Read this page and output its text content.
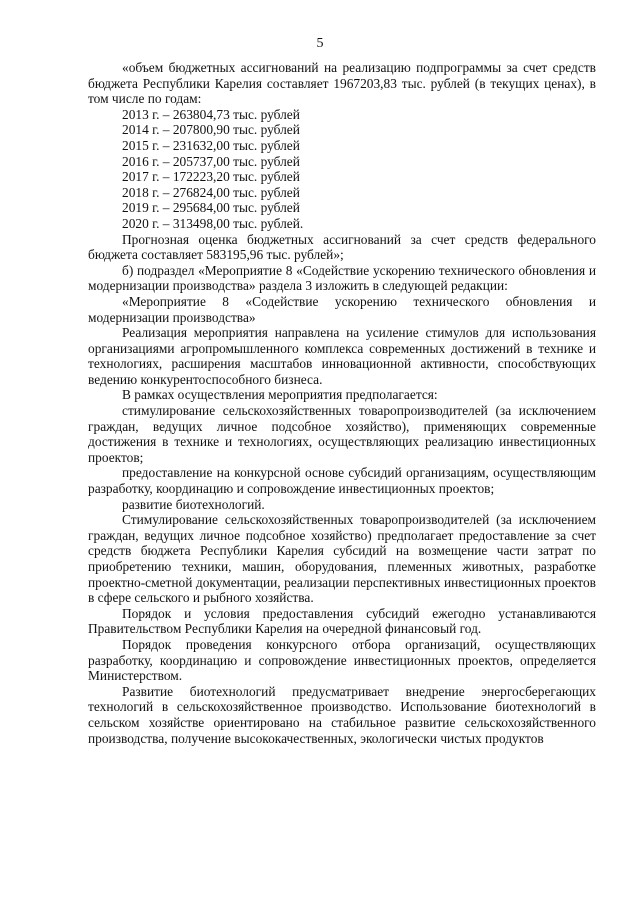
5

«объем бюджетных ассигнований на реализацию подпрограммы за счет средств бюджета Республики Карелия составляет 1967203,83 тыс. рублей (в текущих ценах), в том числе по годам:

2013 г. – 263804,73 тыс. рублей

2014 г. – 207800,90 тыс. рублей

2015 г. – 231632,00 тыс. рублей

2016 г. – 205737,00 тыс. рублей

2017 г. – 172223,20 тыс. рублей

2018 г. – 276824,00 тыс. рублей

2019 г. – 295684,00 тыс. рублей

2020 г. – 313498,00 тыс. рублей.

Прогнозная оценка бюджетных ассигнований за счет средств федерального бюджета составляет 583195,96 тыс. рублей»;

б) подраздел «Мероприятие 8 «Содействие ускорению технического обновления и модернизации производства» раздела 3 изложить в следующей редакции:

«Мероприятие 8 «Содействие ускорению технического обновления и модернизации производства»

Реализация мероприятия направлена на усиление стимулов для использования организациями агропромышленного комплекса современных достижений в технике и технологиях, расширения масштабов инновационной активности, способствующих ведению конкурентоспособного бизнеса.

В рамках осуществления мероприятия предполагается:

стимулирование сельскохозяйственных товаропроизводителей (за исключением граждан, ведущих личное подсобное хозяйство), применяющих современные достижения в технике и технологиях, осуществляющих реализацию инвестиционных проектов;

предоставление на конкурсной основе субсидий организациям, осуществляющим разработку, координацию и сопровождение инвестиционных проектов;

развитие биотехнологий.

Стимулирование сельскохозяйственных товаропроизводителей (за исключением граждан, ведущих личное подсобное хозяйство) предполагает предоставление за счет средств бюджета Республики Карелия субсидий на возмещение части затрат по приобретению техники, машин, оборудования, племенных животных, разработке проектно-сметной документации, реализации перспективных инвестиционных проектов в сфере сельского и рыбного хозяйства.

Порядок и условия предоставления субсидий ежегодно устанавливаются Правительством Республики Карелия на очередной финансовый год.

Порядок проведения конкурсного отбора организаций, осуществляющих разработку, координацию и сопровождение инвестиционных проектов, определяется Министерством.

Развитие биотехнологий предусматривает внедрение энергосберегающих технологий в сельскохозяйственное производство. Использование биотехнологий в сельском хозяйстве ориентировано на стабильное развитие сельскохозяйственного производства, получение высококачественных, экологически чистых продуктов
